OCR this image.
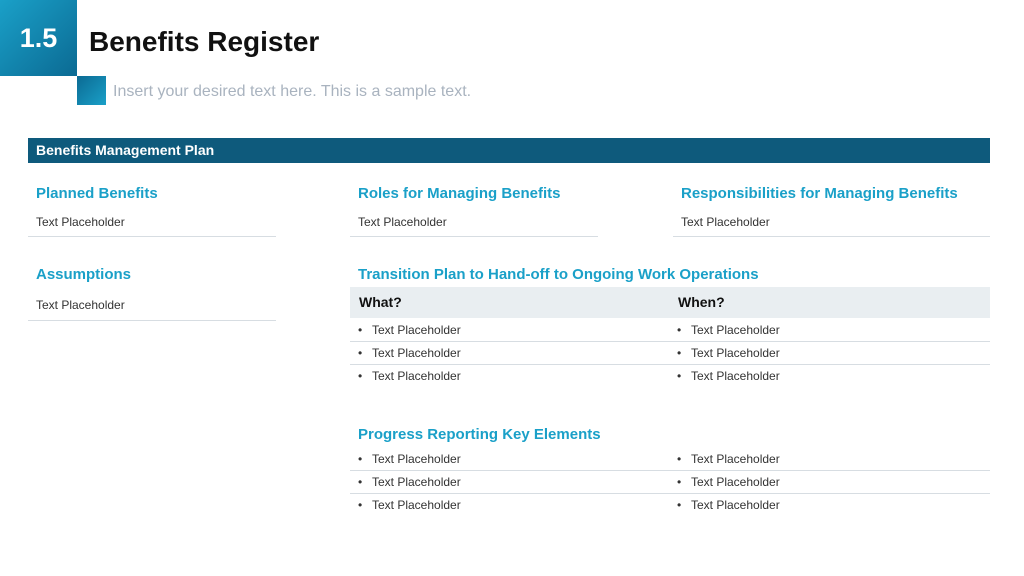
1.5	Benefits Register
Insert your desired text here. This is a sample text.
Benefits Management Plan
Planned Benefits
Text Placeholder
Roles for Managing Benefits
Text Placeholder
Responsibilities for Managing Benefits
Text Placeholder
Assumptions
Text Placeholder
Transition Plan to Hand-off to Ongoing Work Operations
What?	When?
• Text Placeholder	• Text Placeholder
• Text Placeholder	• Text Placeholder
• Text Placeholder	• Text Placeholder
Progress Reporting Key Elements
• Text Placeholder	• Text Placeholder
• Text Placeholder	• Text Placeholder
• Text Placeholder	• Text Placeholder
